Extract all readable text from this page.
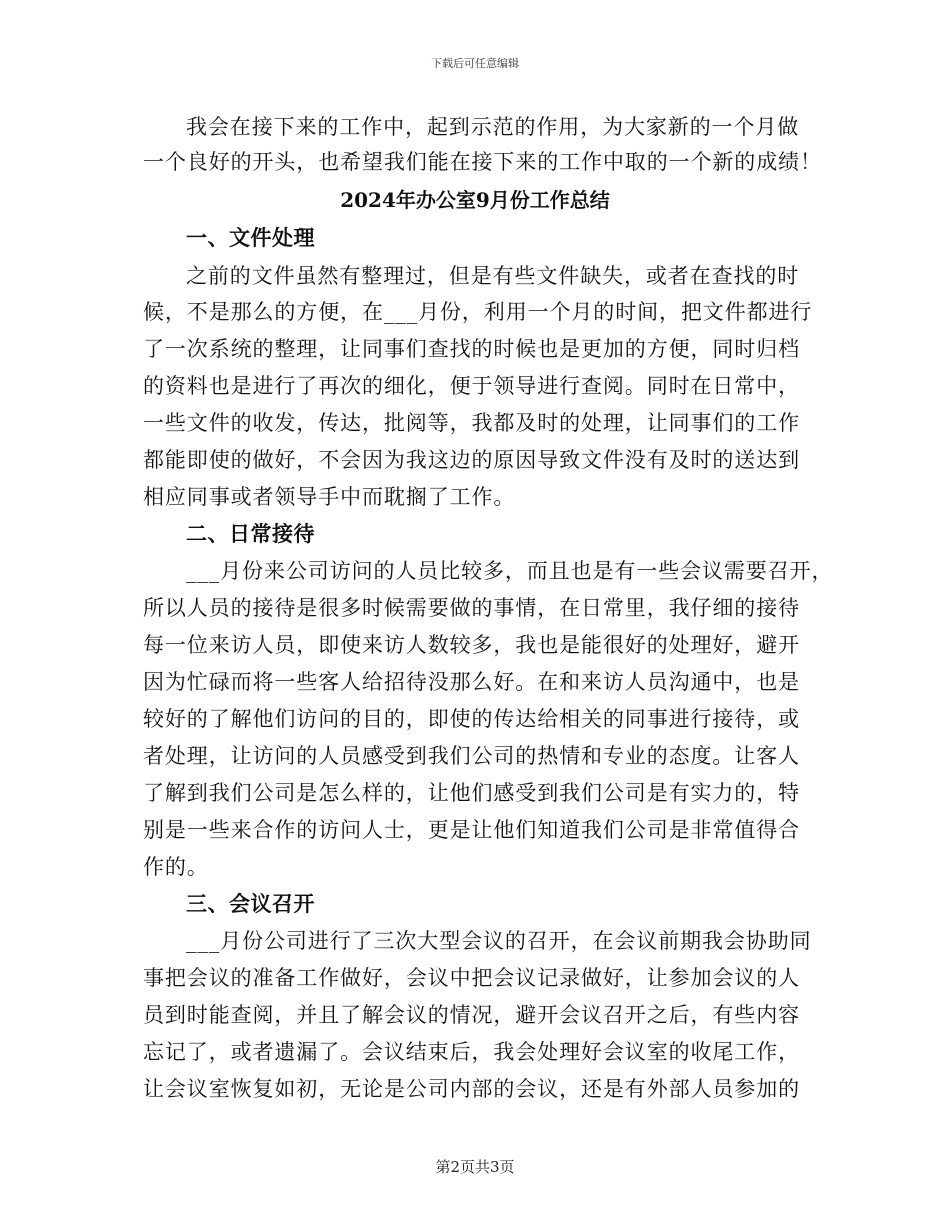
下载后可任意编辑
我会在接下来的工作中，起到示范的作用，为大家新的一个月做
一个良好的开头，也希望我们能在接下来的工作中取的一个新的成绩！
2024年办公室9月份工作总结
一、文件处理
之前的文件虽然有整理过，但是有些文件缺失，或者在查找的时
候，不是那么的方便，在___月份，利用一个月的时间，把文件都进行
了一次系统的整理，让同事们查找的时候也是更加的方便，同时归档
的资料也是进行了再次的细化，便于领导进行查阅。同时在日常中，
一些文件的收发，传达，批阅等，我都及时的处理，让同事们的工作
都能即使的做好，不会因为我这边的原因导致文件没有及时的送达到
相应同事或者领导手中而耽搁了工作。
二、日常接待
___月份来公司访问的人员比较多，而且也是有一些会议需要召开，
所以人员的接待是很多时候需要做的事情，在日常里，我仔细的接待
每一位来访人员，即使来访人数较多，我也是能很好的处理好，避开
因为忙碌而将一些客人给招待没那么好。在和来访人员沟通中，也是
较好的了解他们访问的目的，即使的传达给相关的同事进行接待，或
者处理，让访问的人员感受到我们公司的热情和专业的态度。让客人
了解到我们公司是怎么样的，让他们感受到我们公司是有实力的，特
别是一些来合作的访问人士，更是让他们知道我们公司是非常值得合
作的。
三、会议召开
___月份公司进行了三次大型会议的召开，在会议前期我会协助同
事把会议的准备工作做好，会议中把会议记录做好，让参加会议的人
员到时能查阅，并且了解会议的情况，避开会议召开之后，有些内容
忘记了，或者遗漏了。会议结束后，我会处理好会议室的收尾工作，
让会议室恢复如初，无论是公司内部的会议，还是有外部人员参加的
第2页共3页
